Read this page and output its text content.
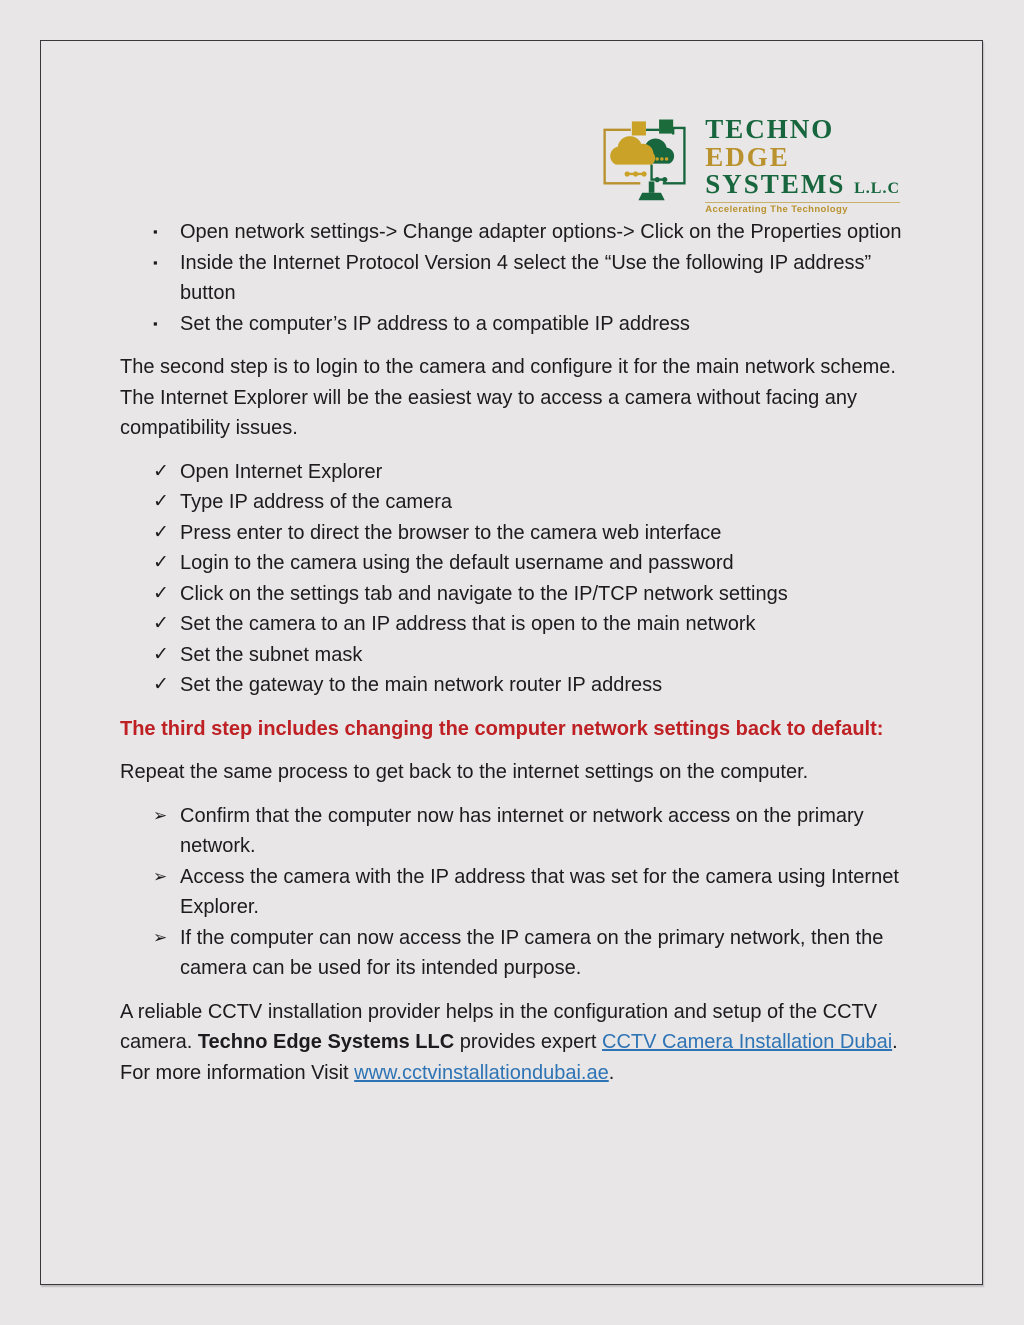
TECHNO
EDGE
SYSTEMS L.L.C
Accelerating The Technology
▪ Open network settings-> Change adapter options-> Click on the Properties option
▪ Inside the Internet Protocol Version 4 select the “Use the following IP address” button
▪ Set the computer’s IP address to a compatible IP address

The second step is to login to the camera and configure it for the main network scheme. The Internet Explorer will be the easiest way to access a camera without facing any compatibility issues.

✓ Open Internet Explorer
✓ Type IP address of the camera
✓ Press enter to direct the browser to the camera web interface
✓ Login to the camera using the default username and password
✓ Click on the settings tab and navigate to the IP/TCP network settings
✓ Set the camera to an IP address that is open to the main network
✓ Set the subnet mask
✓ Set the gateway to the main network router IP address

The third step includes changing the computer network settings back to default:

Repeat the same process to get back to the internet settings on the computer.

➢ Confirm that the computer now has internet or network access on the primary network.
➢ Access the camera with the IP address that was set for the camera using Internet Explorer.
➢ If the computer can now access the IP camera on the primary network, then the camera can be used for its intended purpose.

A reliable CCTV installation provider helps in the configuration and setup of the CCTV camera. Techno Edge Systems LLC provides expert CCTV Camera Installation Dubai. For more information Visit www.cctvinstallationdubai.ae.
